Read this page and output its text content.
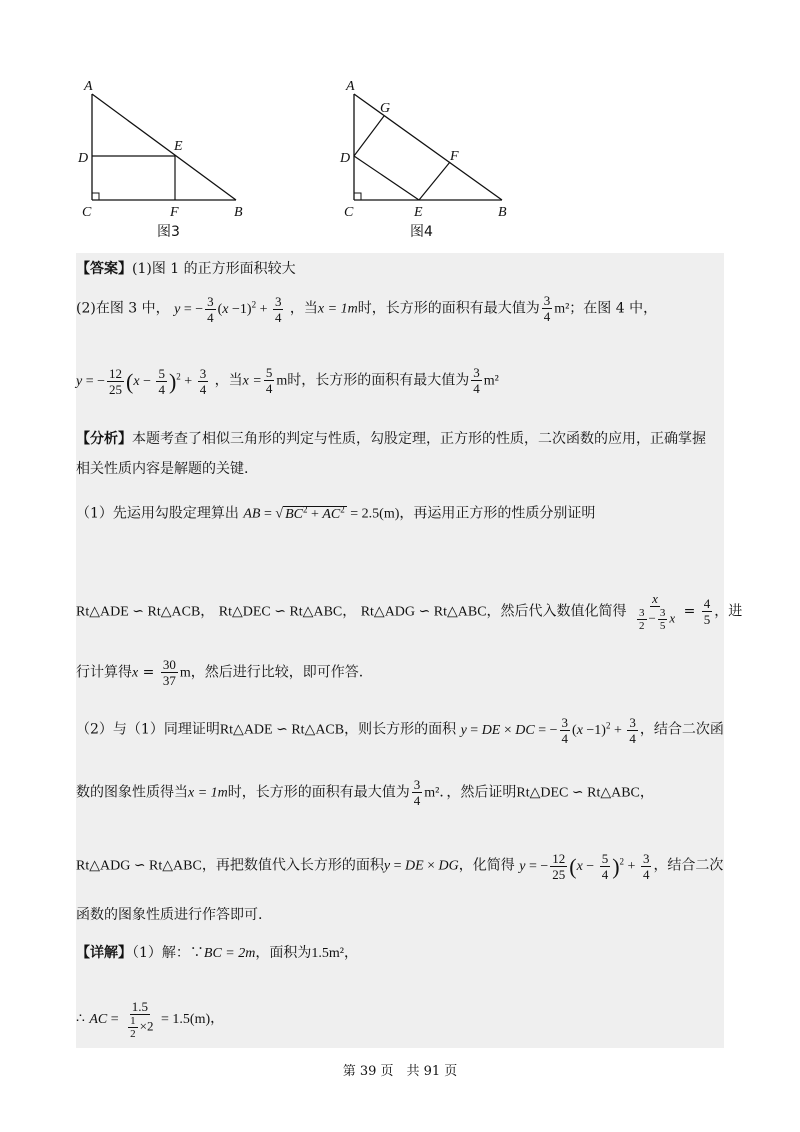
A
D
E
C	F	B
图3
A
G
D	F
C	E	B
图4
【答案】(1)图 1 的正方形面积较大
(2)在图 3 中， y = − $\frac{3}{4} (x -1)^2 + \frac{3}{4}$ ，当x = 1m时，长方形的面积有最大值为 $\frac{3}{4} m^2$；在图 4 中，
y = − $\frac{12}{25} (x - \frac{5}{4} )^2 + \frac{3}{4}$ ，当$x = \frac{5}{4}$ m时，长方形的面积有最大值为 $\frac{3}{4} m^2$
【分析】本题考查了相似三角形的判定与性质，勾股定理，正方形的性质，二次函数的应用，正确掌握
相关性质内容是解题的关键.
（1）先运用勾股定理算出 AB = √ $BC^2 + AC^2 = 2.5(m)$，再运用正方形的性质分别证明
Rt△ADE ∽ Rt△ACB， Rt△DEC ∽ Rt△ABC， Rt△ADG ∽ Rt△ABC，然后代入数值化简得 $\frac{x}{\frac{3}{2} - \frac{3}{5} x} = \frac{4}{5}$ ，进
行计算得$x = \frac{30}{37}$ m，然后进行比较，即可作答.
（2）与（1）同理证明Rt△ADE ∽ Rt△ACB，则长方形的面积 y = DE × DC = − $\frac{3}{4} (x -1)^2 + \frac{3}{4}$ ，结合二次函
数的图象性质得当x = 1m时，长方形的面积有最大值为 $\frac{3}{4} m^2$．，然后证明Rt△DEC ∽ Rt△ABC，
Rt△ADG ∽ Rt△ABC，再把数值代入长方形的面积y = DE × DG，化简得 y = − $\frac{12}{25} (x - \frac{5}{4} )^2 + \frac{3}{4}$ ，结合二次
函数的图象性质进行作答即可.
【详解】（1）解：∵BC = 2m，面积为1.5m²，
∴ AC = $\frac{1.5}{\frac{1}{2} \times 2} = 1.5(m)$，
第 39 页　共 91 页
